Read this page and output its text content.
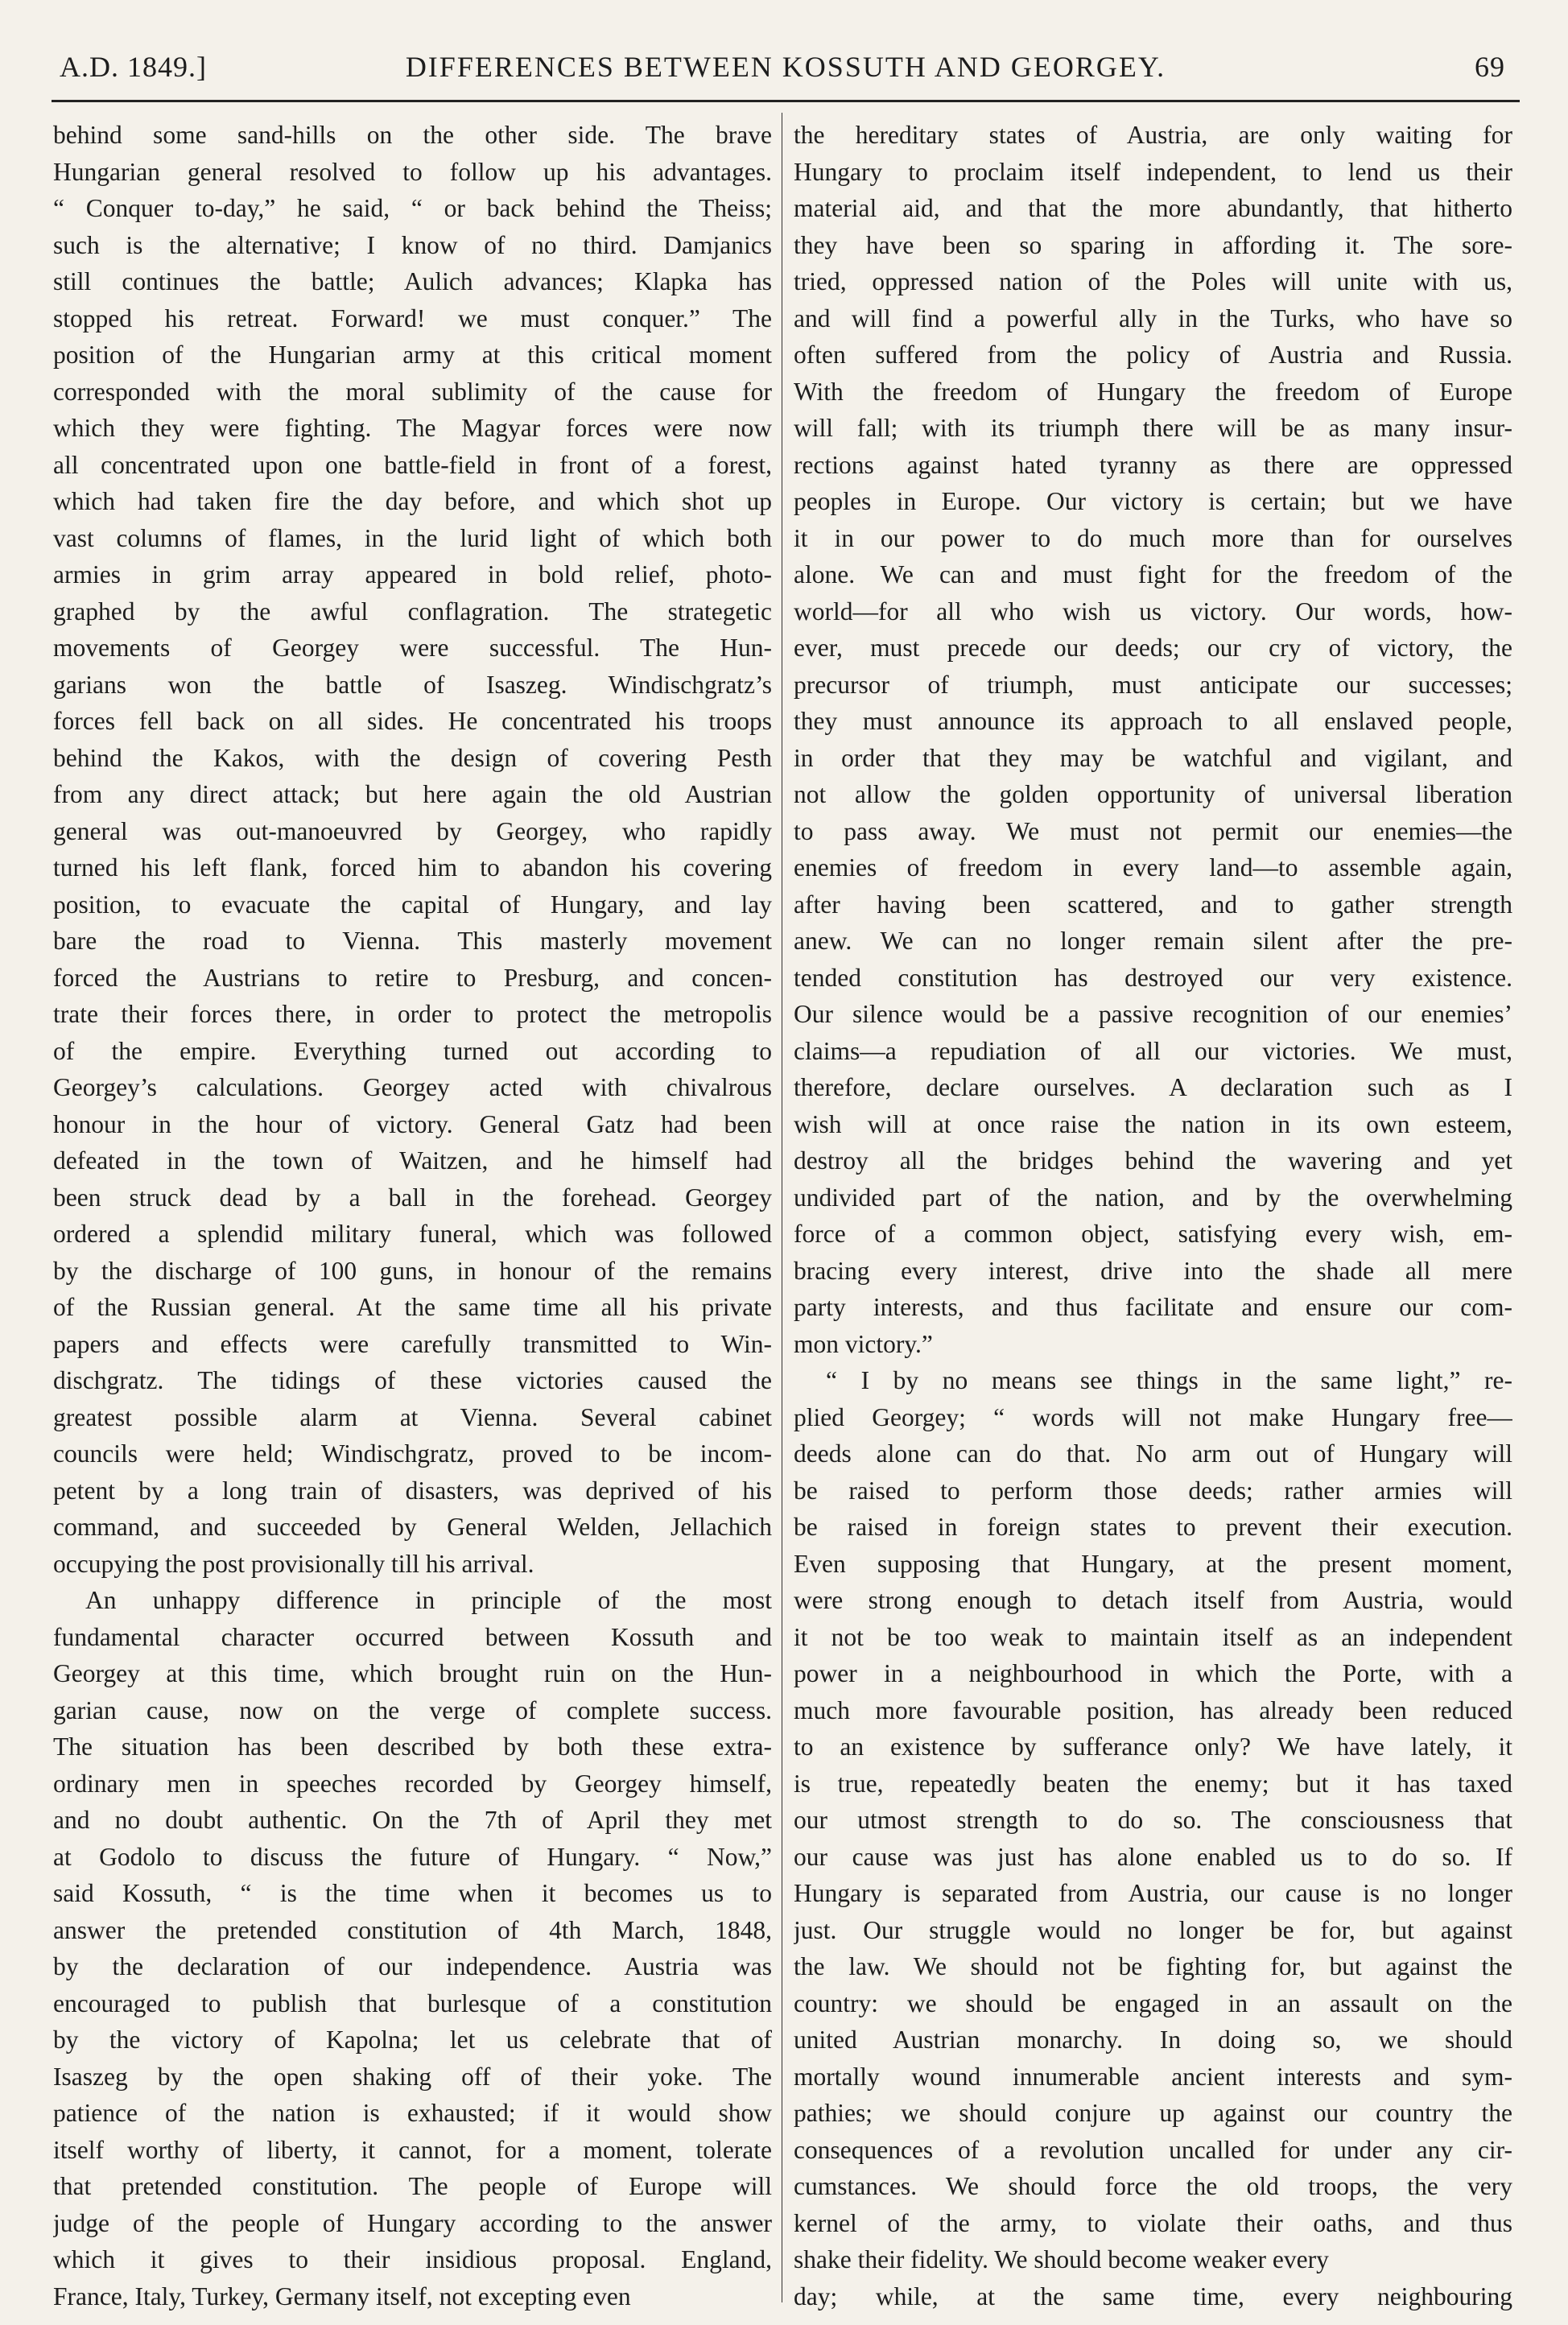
A.D. 1849.]	DIFFERENCES BETWEEN KOSSUTH AND GEORGEY.	69
behind some sand-hills on the other side. The brave
Hungarian general resolved to follow up his advantages.
“ Conquer to-day,” he said, “ or back behind the Theiss;
such is the alternative; I know of no third. Damjanics
still continues the battle; Aulich advances; Klapka has
stopped his retreat. Forward! we must conquer.” The
position of the Hungarian army at this critical moment
corresponded with the moral sublimity of the cause for
which they were fighting. The Magyar forces were now
all concentrated upon one battle-field in front of a forest,
which had taken fire the day before, and which shot up
vast columns of flames, in the lurid light of which both
armies in grim array appeared in bold relief, photo-
graphed by the awful conflagration. The strategetic
movements of Georgey were successful. The Hun-
garians won the battle of Isaszeg. Windischgratz’s
forces fell back on all sides. He concentrated his troops
behind the Kakos, with the design of covering Pesth
from any direct attack; but here again the old Austrian
general was out-manoeuvred by Georgey, who rapidly
turned his left flank, forced him to abandon his covering
position, to evacuate the capital of Hungary, and lay
bare the road to Vienna. This masterly movement
forced the Austrians to retire to Presburg, and concen-
trate their forces there, in order to protect the metropolis
of the empire. Everything turned out according to
Georgey’s calculations. Georgey acted with chivalrous
honour in the hour of victory. General Gatz had been
defeated in the town of Waitzen, and he himself had
been struck dead by a ball in the forehead. Georgey
ordered a splendid military funeral, which was followed
by the discharge of 100 guns, in honour of the remains
of the Russian general. At the same time all his private
papers and effects were carefully transmitted to Win-
dischgratz. The tidings of these victories caused the
greatest possible alarm at Vienna. Several cabinet
councils were held; Windischgratz, proved to be incom-
petent by a long train of disasters, was deprived of his
command, and succeeded by General Welden, Jellachich
occupying the post provisionally till his arrival.
An unhappy difference in principle of the most
fundamental character occurred between Kossuth and
Georgey at this time, which brought ruin on the Hun-
garian cause, now on the verge of complete success.
The situation has been described by both these extra-
ordinary men in speeches recorded by Georgey himself,
and no doubt authentic. On the 7th of April they met
at Godolo to discuss the future of Hungary. “ Now,”
said Kossuth, “ is the time when it becomes us to
answer the pretended constitution of 4th March, 1848,
by the declaration of our independence. Austria was
encouraged to publish that burlesque of a constitution
by the victory of Kapolna; let us celebrate that of
Isaszeg by the open shaking off of their yoke. The
patience of the nation is exhausted; if it would show
itself worthy of liberty, it cannot, for a moment, tolerate
that pretended constitution. The people of Europe will
judge of the people of Hungary according to the answer
which it gives to their insidious proposal. England,
France, Italy, Turkey, Germany itself, not excepting even
the hereditary states of Austria, are only waiting for
Hungary to proclaim itself independent, to lend us their
material aid, and that the more abundantly, that hitherto
they have been so sparing in affording it. The sore-
tried, oppressed nation of the Poles will unite with us,
and will find a powerful ally in the Turks, who have so
often suffered from the policy of Austria and Russia.
With the freedom of Hungary the freedom of Europe
will fall; with its triumph there will be as many insur-
rections against hated tyranny as there are oppressed
peoples in Europe. Our victory is certain; but we have
it in our power to do much more than for ourselves
alone. We can and must fight for the freedom of the
world—for all who wish us victory. Our words, how-
ever, must precede our deeds; our cry of victory, the
precursor of triumph, must anticipate our successes;
they must announce its approach to all enslaved people,
in order that they may be watchful and vigilant, and
not allow the golden opportunity of universal liberation
to pass away. We must not permit our enemies—the
enemies of freedom in every land—to assemble again,
after having been scattered, and to gather strength
anew. We can no longer remain silent after the pre-
tended constitution has destroyed our very existence.
Our silence would be a passive recognition of our enemies’
claims—a repudiation of all our victories. We must,
therefore, declare ourselves. A declaration such as I
wish will at once raise the nation in its own esteem,
destroy all the bridges behind the wavering and yet
undivided part of the nation, and by the overwhelming
force of a common object, satisfying every wish, em-
bracing every interest, drive into the shade all mere
party interests, and thus facilitate and ensure our com-
mon victory.”
“ I by no means see things in the same light,” re-
plied Georgey; “ words will not make Hungary free—
deeds alone can do that. No arm out of Hungary will
be raised to perform those deeds; rather armies will
be raised in foreign states to prevent their execution.
Even supposing that Hungary, at the present moment,
were strong enough to detach itself from Austria, would
it not be too weak to maintain itself as an independent
power in a neighbourhood in which the Porte, with a
much more favourable position, has already been reduced
to an existence by sufferance only? We have lately, it
is true, repeatedly beaten the enemy; but it has taxed
our utmost strength to do so. The consciousness that
our cause was just has alone enabled us to do so. If
Hungary is separated from Austria, our cause is no longer
just. Our struggle would no longer be for, but against
the law. We should not be fighting for, but against the
country: we should be engaged in an assault on the
united Austrian monarchy. In doing so, we should
mortally wound innumerable ancient interests and sym-
pathies; we should conjure up against our country the
consequences of a revolution uncalled for under any cir-
cumstances. We should force the old troops, the very
kernel of the army, to violate their oaths, and thus
shake their fidelity. We should become weaker every
day; while, at the same time, every neighbouring
